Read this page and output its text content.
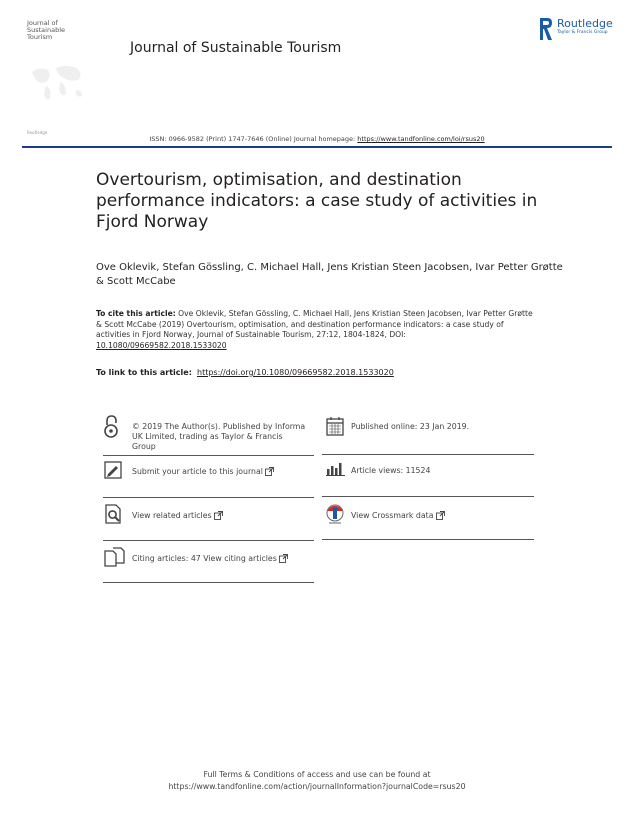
Journal of Sustainable Tourism
Routledge
Journal of Sustainable Tourism
Routledge
Taylor & Francis Group
ISSN: 0966-9582 (Print) 1747-7646 (Online) Journal homepage: https://www.tandfonline.com/loi/rsus20
Overtourism, optimisation, and destination performance indicators: a case study of activities in Fjord Norway
Ove Oklevik, Stefan Gössling, C. Michael Hall, Jens Kristian Steen Jacobsen, Ivar Petter Grøtte & Scott McCabe
To cite this article: Ove Oklevik, Stefan Gössling, C. Michael Hall, Jens Kristian Steen Jacobsen, Ivar Petter Grøtte & Scott McCabe (2019) Overtourism, optimisation, and destination performance indicators: a case study of activities in Fjord Norway, Journal of Sustainable Tourism, 27:12, 1804-1824, DOI: 10.1080/09669582.2018.1533020
To link to this article: https://doi.org/10.1080/09669582.2018.1533020
© 2019 The Author(s). Published by Informa UK Limited, trading as Taylor & Francis Group
Published online: 23 Jan 2019.
Submit your article to this journal	Article views: 11524
View related articles	View Crossmark data
Citing articles: 47 View citing articles
Full Terms & Conditions of access and use can be found at
https://www.tandfonline.com/action/journalInformation?journalCode=rsus20
